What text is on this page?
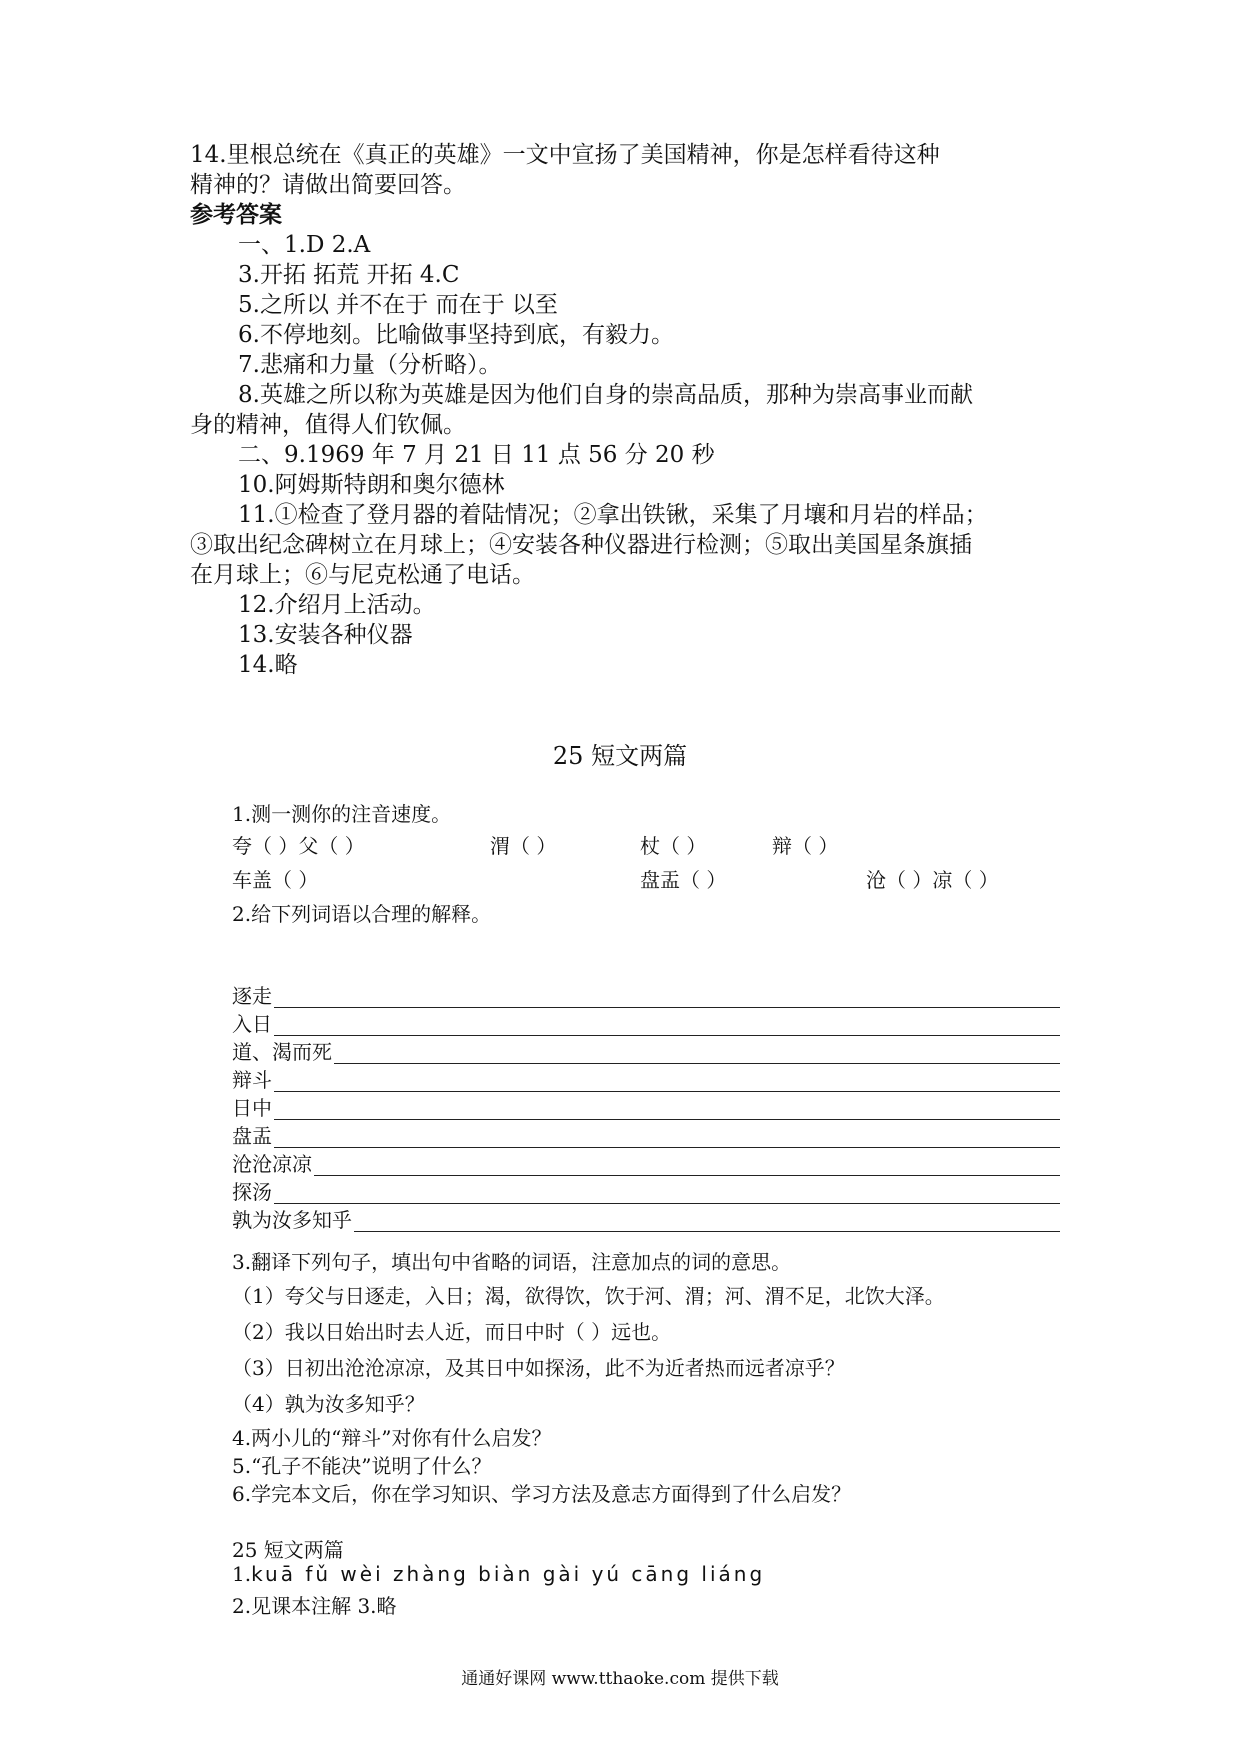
14.里根总统在《真正的英雄》一文中宣扬了美国精神，你是怎样看待这种
精神的？请做出简要回答。
参考答案
一、1.D 2.A
3.开拓 拓荒 开拓 4.C
5.之所以 并不在于 而在于 以至
6.不停地刻。比喻做事坚持到底，有毅力。
7.悲痛和力量（分析略）。
8.英雄之所以称为英雄是因为他们自身的崇高品质，那种为崇高事业而献
身的精神，值得人们钦佩。
二、9.1969 年 7 月 21 日 11 点 56 分 20 秒
10.阿姆斯特朗和奥尔德林
11.①检查了登月器的着陆情况；②拿出铁锹，采集了月壤和月岩的样品；
③取出纪念碑树立在月球上；④安装各种仪器进行检测；⑤取出美国星条旗插
在月球上；⑥与尼克松通了电话。
12.介绍月上活动。
13.安装各种仪器
14.略
25 短文两篇
1.测一测你的注音速度。
夸（ ）父（ ）	渭（ ）	杖（ ）	辩（ ）
车盖（ ）	盘盂（ ）	沧（ ）凉（ ）
2.给下列词语以合理的解释。
逐走
入日
道、渴而死
辩斗
日中
盘盂
沧沧凉凉
探汤
孰为汝多知乎
3.翻译下列句子，填出句中省略的词语，注意加点的词的意思。
（1）夸父与日逐走，入日；渴，欲得饮，饮于河、渭；河、渭不足，北饮大泽。
（2）我以日始出时去人近，而日中时（ ）远也。
（3）日初出沧沧凉凉，及其日中如探汤，此不为近者热而远者凉乎？
（4）孰为汝多知乎？
4.两小儿的“辩斗”对你有什么启发？
5.“孔子不能决”说明了什么？
6.学完本文后，你在学习知识、学习方法及意志方面得到了什么启发？
25 短文两篇
1.kuā fǔ wèi zhàng biàn gài yú cāng liáng
2.见课本注解 3.略
通通好课网 www.tthaoke.com 提供下载
